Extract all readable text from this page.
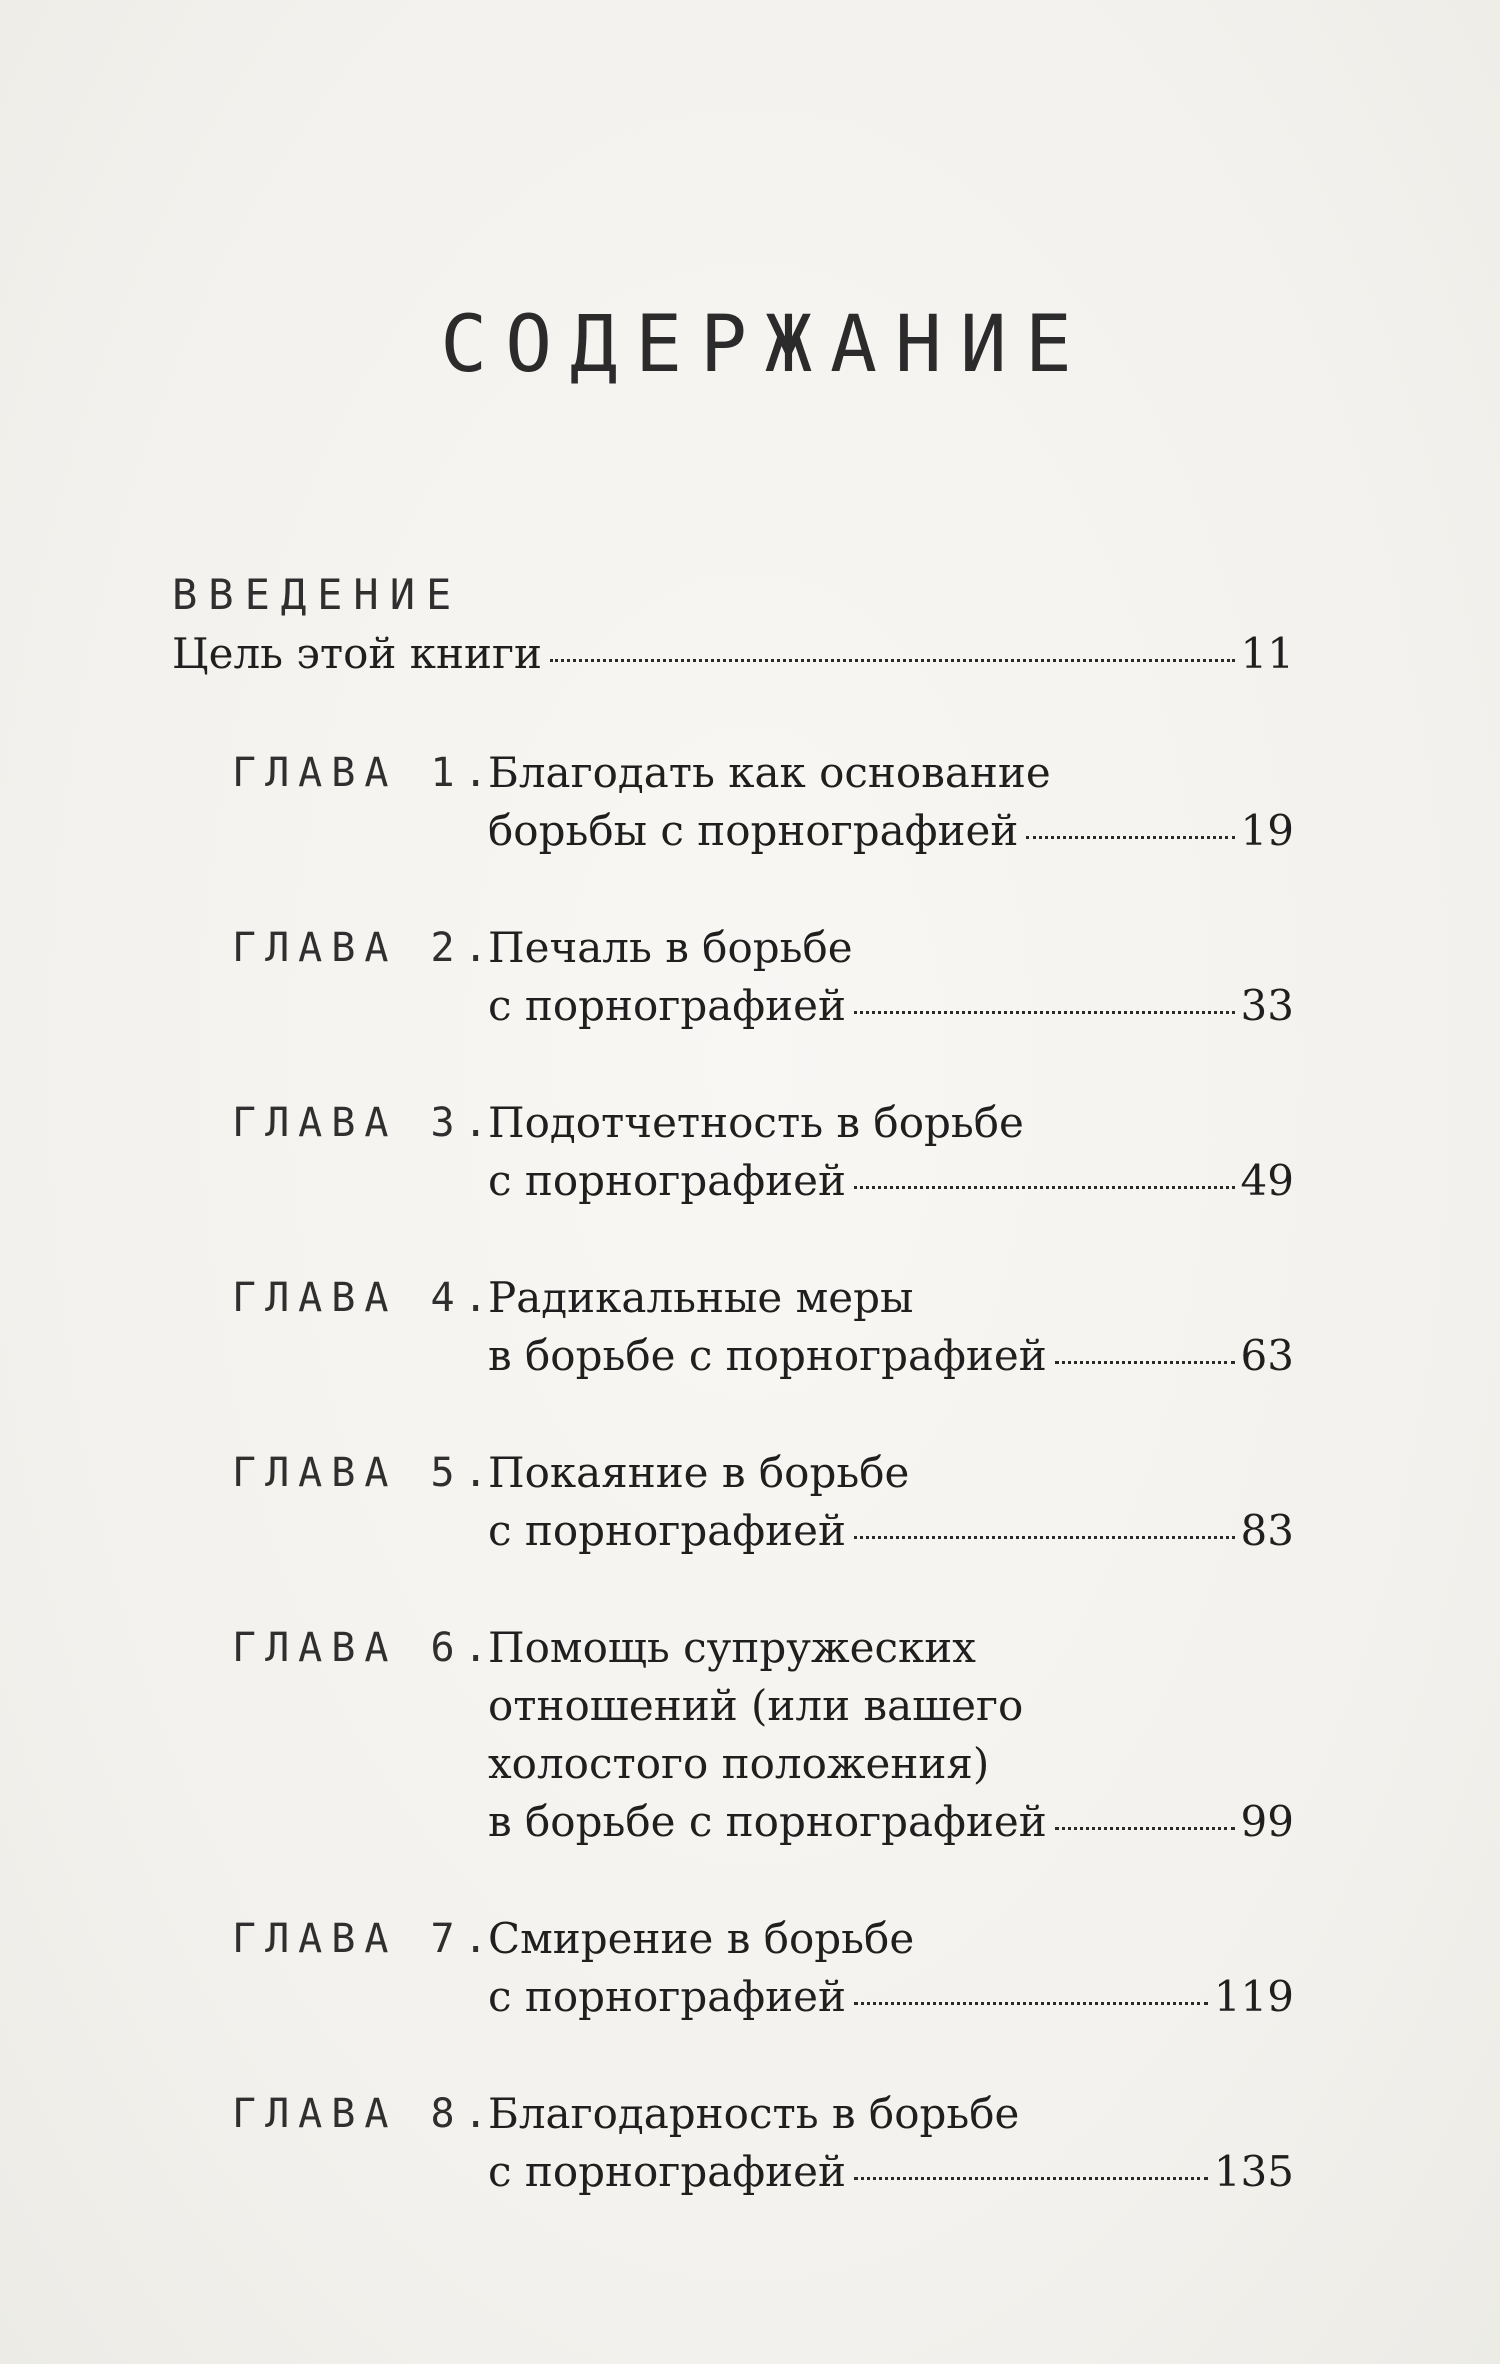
СОДЕРЖАНИЕ
ВВЕДЕНИЕ
Цель этой книги	11
ГЛАВА 1.
Благодать как основание
борьбы с порнографией	19
ГЛАВА 2.
Печаль в борьбе
с порнографией	33
ГЛАВА 3.
Подотчетность в борьбе
с порнографией	49
ГЛАВА 4.
Радикальные меры
в борьбе с порнографией	63
ГЛАВА 5.
Покаяние в борьбе
с порнографией	83
ГЛАВА 6.
Помощь супружеских
отношений (или вашего
холостого положения)
в борьбе с порнографией	99
ГЛАВА 7.
Смирение в борьбе
с порнографией	119
ГЛАВА 8.
Благодарность в борьбе
с порнографией	135
